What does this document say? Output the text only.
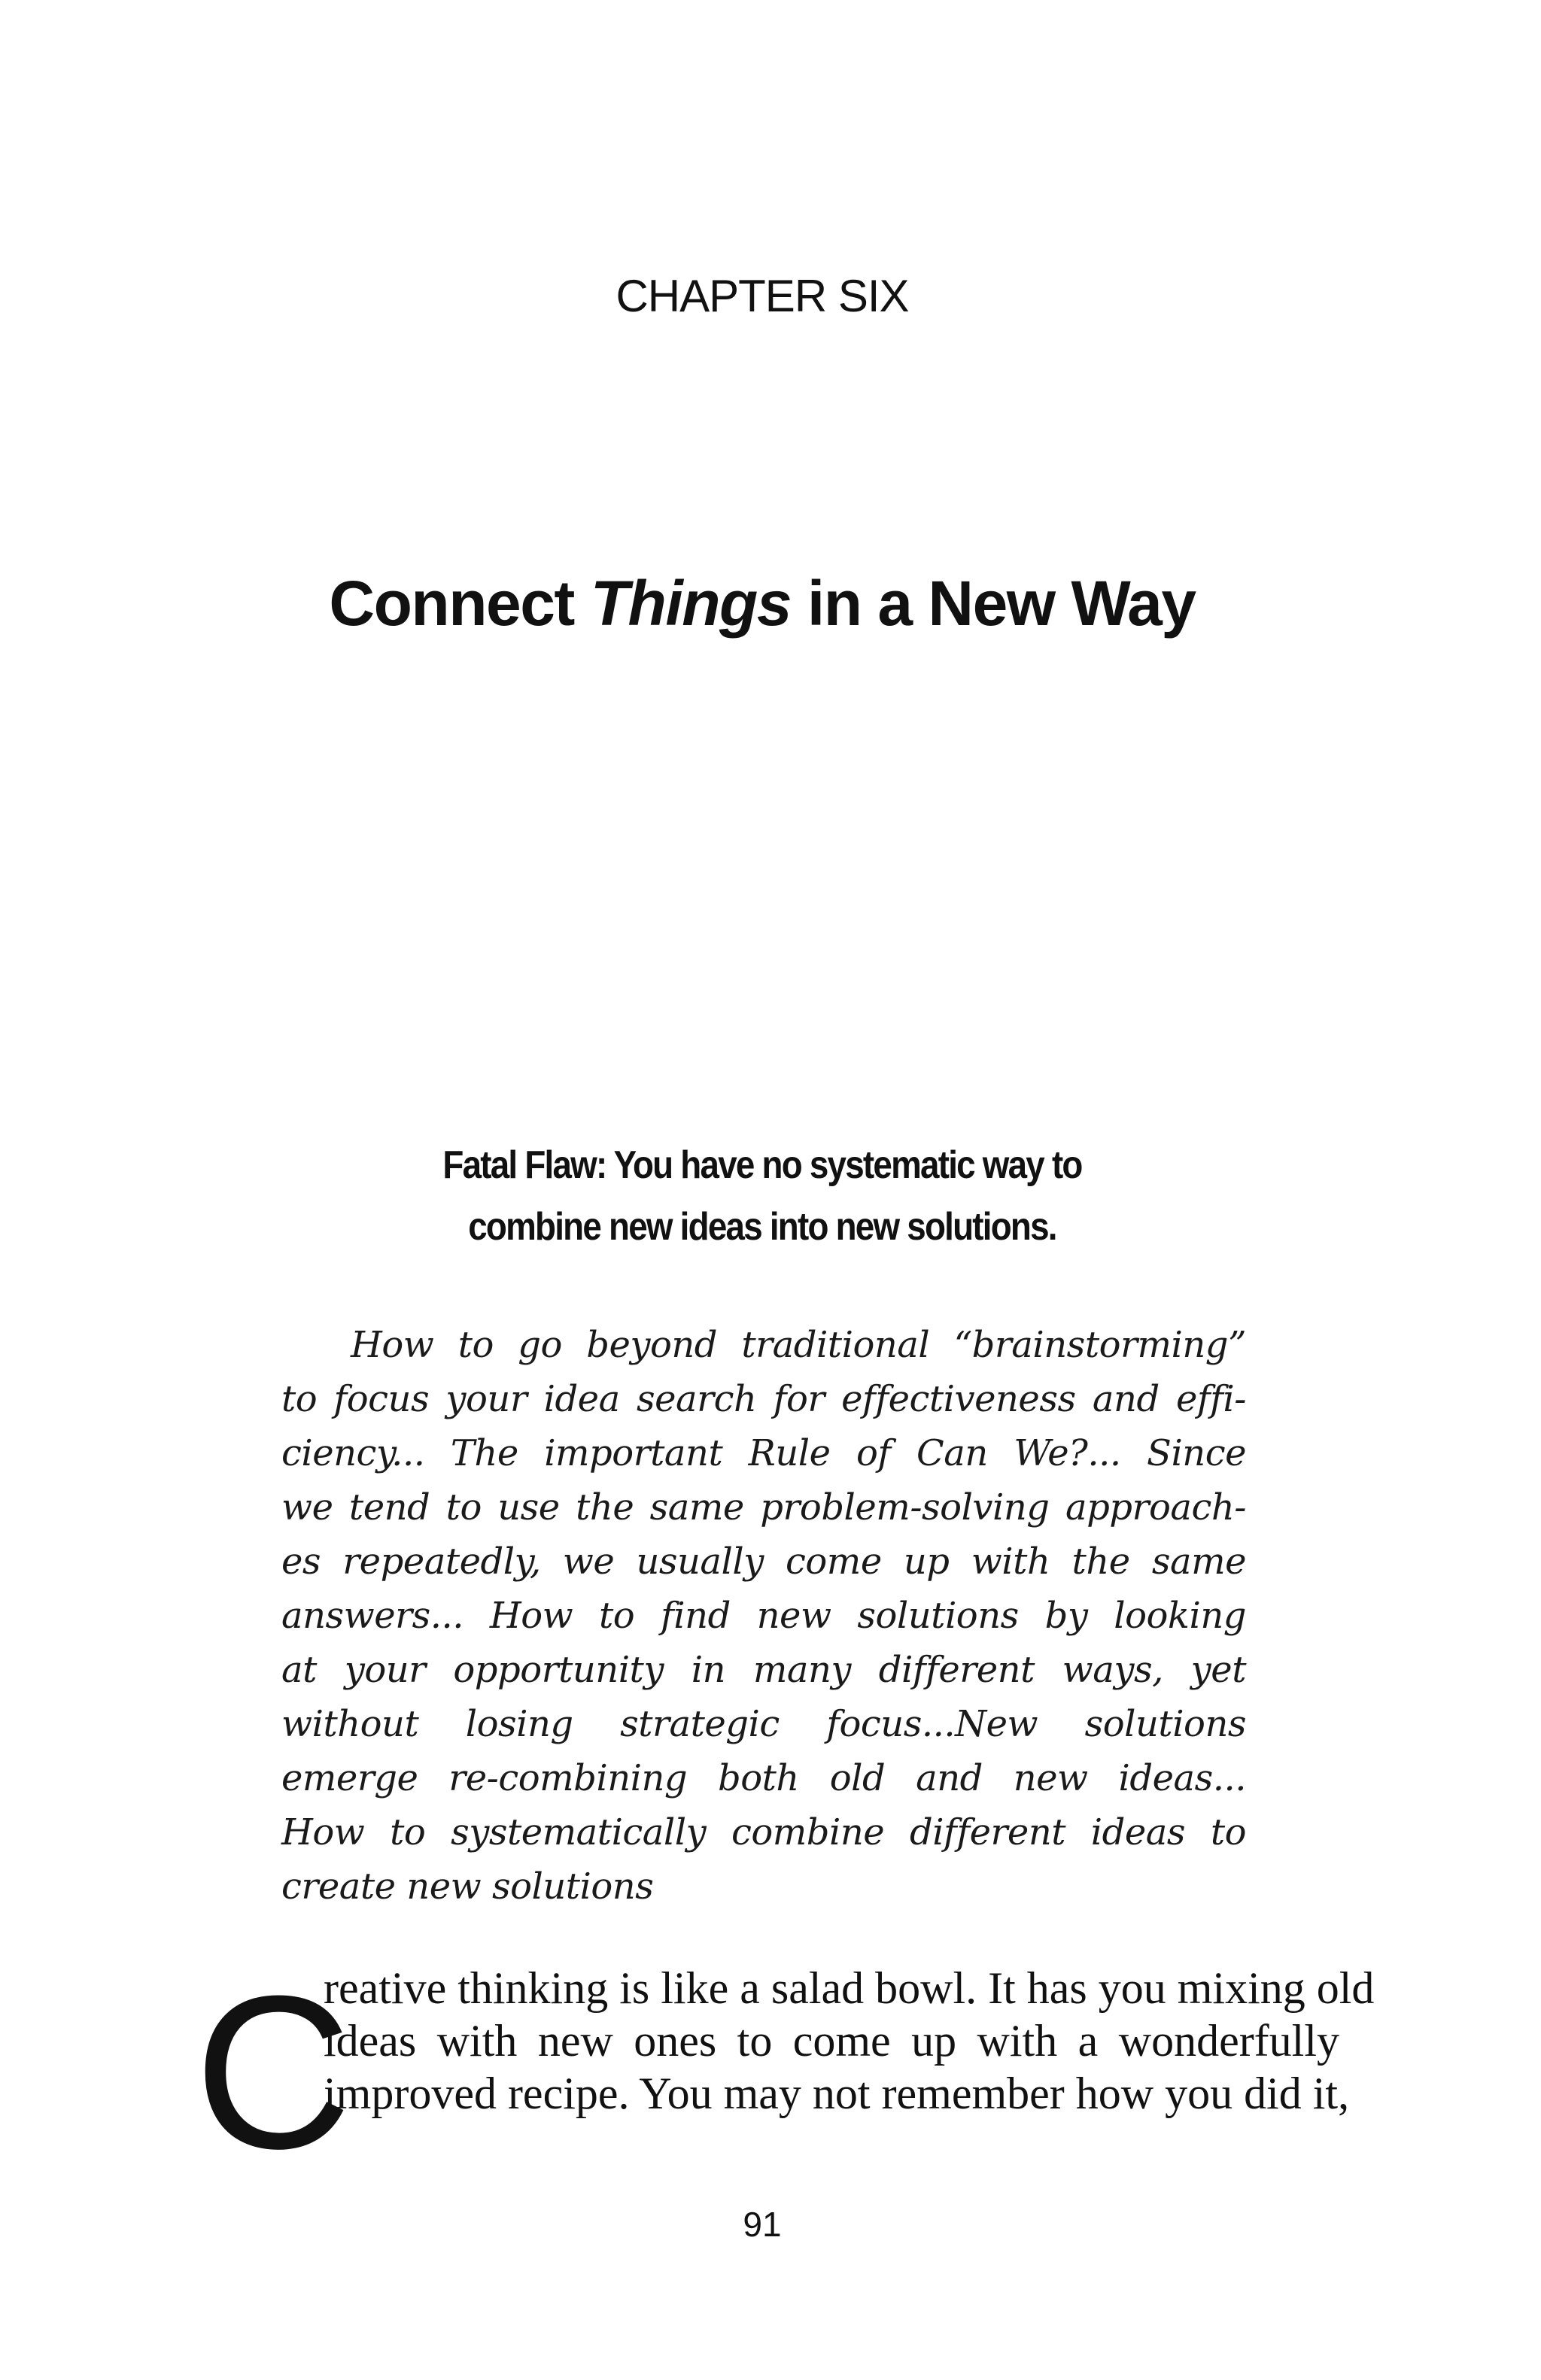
CHAPTER SIX
Connect Things in a New Way
Fatal Flaw: You have no systematic way to
combine new ideas into new solutions.
How to go beyond traditional “brainstorming”
to focus your idea search for effectiveness and effi-
ciency... The important Rule of Can We?... Since
we tend to use the same problem-solving approach-
es repeatedly, we usually come up with the same
answers... How to find new solutions by looking
at your opportunity in many different ways, yet
without losing strategic focus...New solutions
emerge re-combining both old and new ideas...
How to systematically combine different ideas to
create new solutions
C
reative thinking is like a salad bowl. It has you mixing old
ideas with new ones to come up with a wonderfully
improved recipe. You may not remember how you did it,
91
